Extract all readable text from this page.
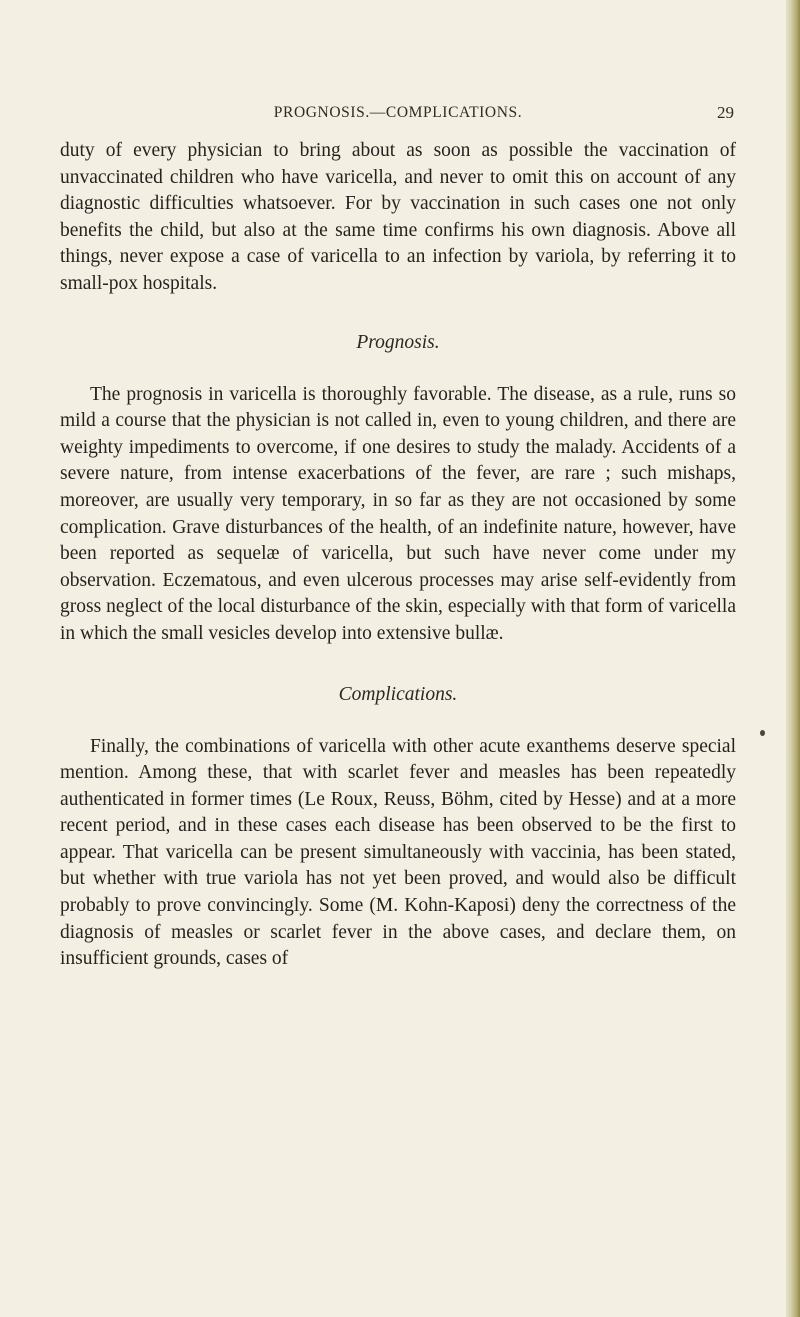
PROGNOSIS.—COMPLICATIONS.	29

duty of every physician to bring about as soon as possible the vaccination of unvaccinated children who have varicella, and never to omit this on account of any diagnostic difficulties whatsoever. For by vaccination in such cases one not only benefits the child, but also at the same time confirms his own diagnosis. Above all things, never expose a case of varicella to an infection by variola, by referring it to small-pox hospitals.

Prognosis.

The prognosis in varicella is thoroughly favorable. The disease, as a rule, runs so mild a course that the physician is not called in, even to young children, and there are weighty impediments to overcome, if one desires to study the malady. Accidents of a severe nature, from intense exacerbations of the fever, are rare ; such mishaps, moreover, are usually very temporary, in so far as they are not occasioned by some complication. Grave disturbances of the health, of an indefinite nature, however, have been reported as sequelæ of varicella, but such have never come under my observation. Eczematous, and even ulcerous processes may arise self-evidently from gross neglect of the local disturbance of the skin, especially with that form of varicella in which the small vesicles develop into extensive bullæ.

Complications.

Finally, the combinations of varicella with other acute exanthems deserve special mention. Among these, that with scarlet fever and measles has been repeatedly authenticated in former times (Le Roux, Reuss, Böhm, cited by Hesse) and at a more recent period, and in these cases each disease has been observed to be the first to appear. That varicella can be present simultaneously with vaccinia, has been stated, but whether with true variola has not yet been proved, and would also be difficult probably to prove convincingly. Some (M. Kohn-Kaposi) deny the correctness of the diagnosis of measles or scarlet fever in the above cases, and declare them, on insufficient grounds, cases of
